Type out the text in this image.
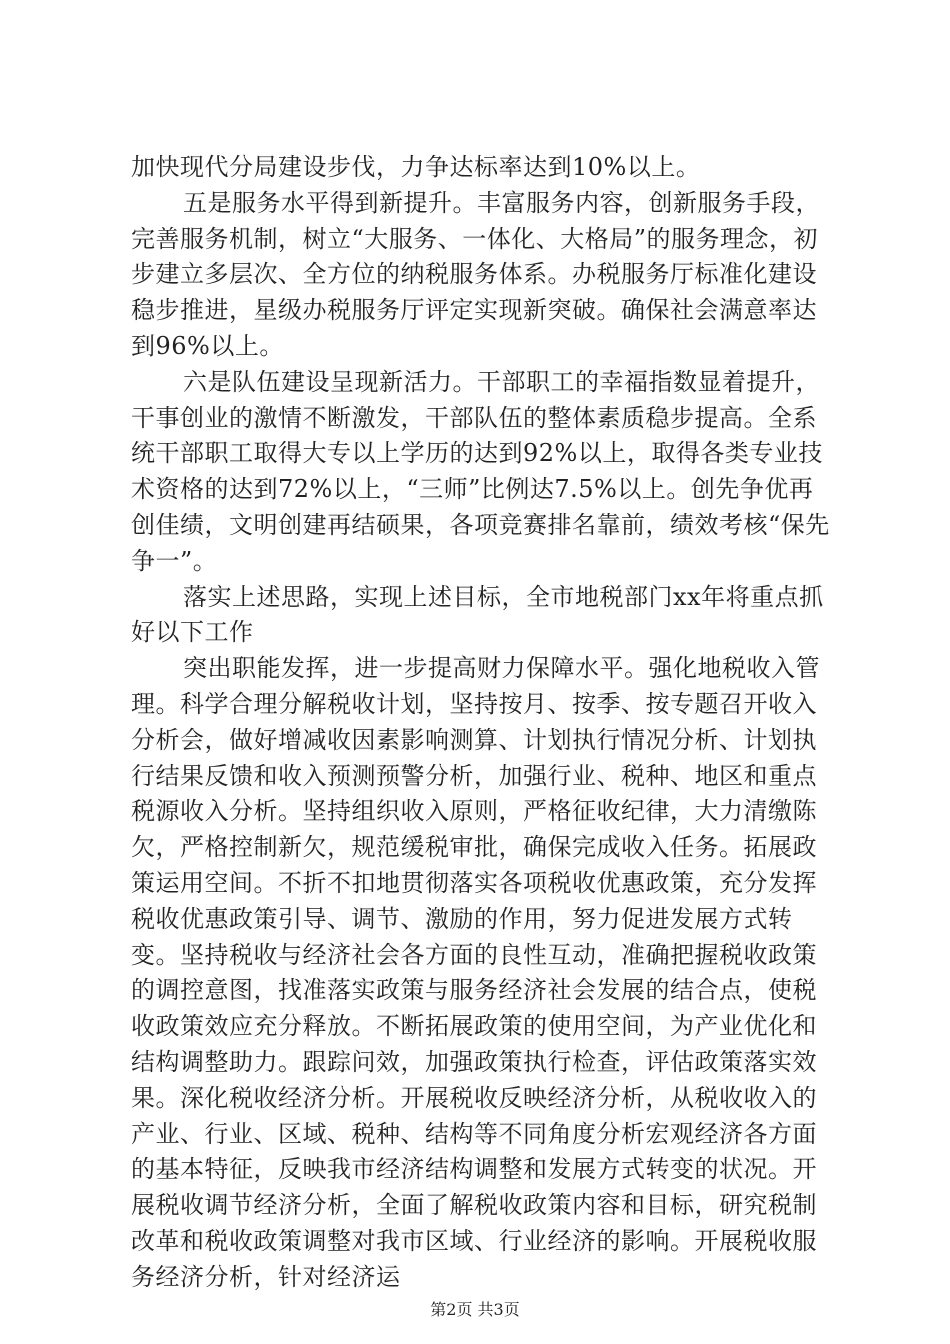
加快现代分局建设步伐，力争达标率达到10%以上。

五是服务水平得到新提升。丰富服务内容，创新服务手段，完善服务机制，树立“大服务、一体化、大格局”的服务理念，初步建立多层次、全方位的纳税服务体系。办税服务厅标准化建设稳步推进，星级办税服务厅评定实现新突破。确保社会满意率达到96%以上。

六是队伍建设呈现新活力。干部职工的幸福指数显着提升，干事创业的激情不断激发，干部队伍的整体素质稳步提高。全系统干部职工取得大专以上学历的达到92%以上，取得各类专业技术资格的达到72%以上，“三师”比例达7.5%以上。创先争优再创佳绩，文明创建再结硕果，各项竞赛排名靠前，绩效考核“保先争一”。

落实上述思路，实现上述目标，全市地税部门xx年将重点抓好以下工作

突出职能发挥，进一步提高财力保障水平。强化地税收入管理。科学合理分解税收计划，坚持按月、按季、按专题召开收入分析会，做好增减收因素影响测算、计划执行情况分析、计划执行结果反馈和收入预测预警分析，加强行业、税种、地区和重点税源收入分析。坚持组织收入原则，严格征收纪律，大力清缴陈欠，严格控制新欠，规范缓税审批，确保完成收入任务。拓展政策运用空间。不折不扣地贯彻落实各项税收优惠政策，充分发挥税收优惠政策引导、调节、激励的作用，努力促进发展方式转变。坚持税收与经济社会各方面的良性互动，准确把握税收政策的调控意图，找准落实政策与服务经济社会发展的结合点，使税收政策效应充分释放。不断拓展政策的使用空间，为产业优化和结构调整助力。跟踪问效，加强政策执行检查，评估政策落实效果。深化税收经济分析。开展税收反映经济分析，从税收收入的产业、行业、区域、税种、结构等不同角度分析宏观经济各方面的基本特征，反映我市经济结构调整和发展方式转变的状况。开展税收调节经济分析，全面了解税收政策内容和目标，研究税制改革和税收政策调整对我市区域、行业经济的影响。开展税收服务经济分析，针对经济运

第2页 共3页
